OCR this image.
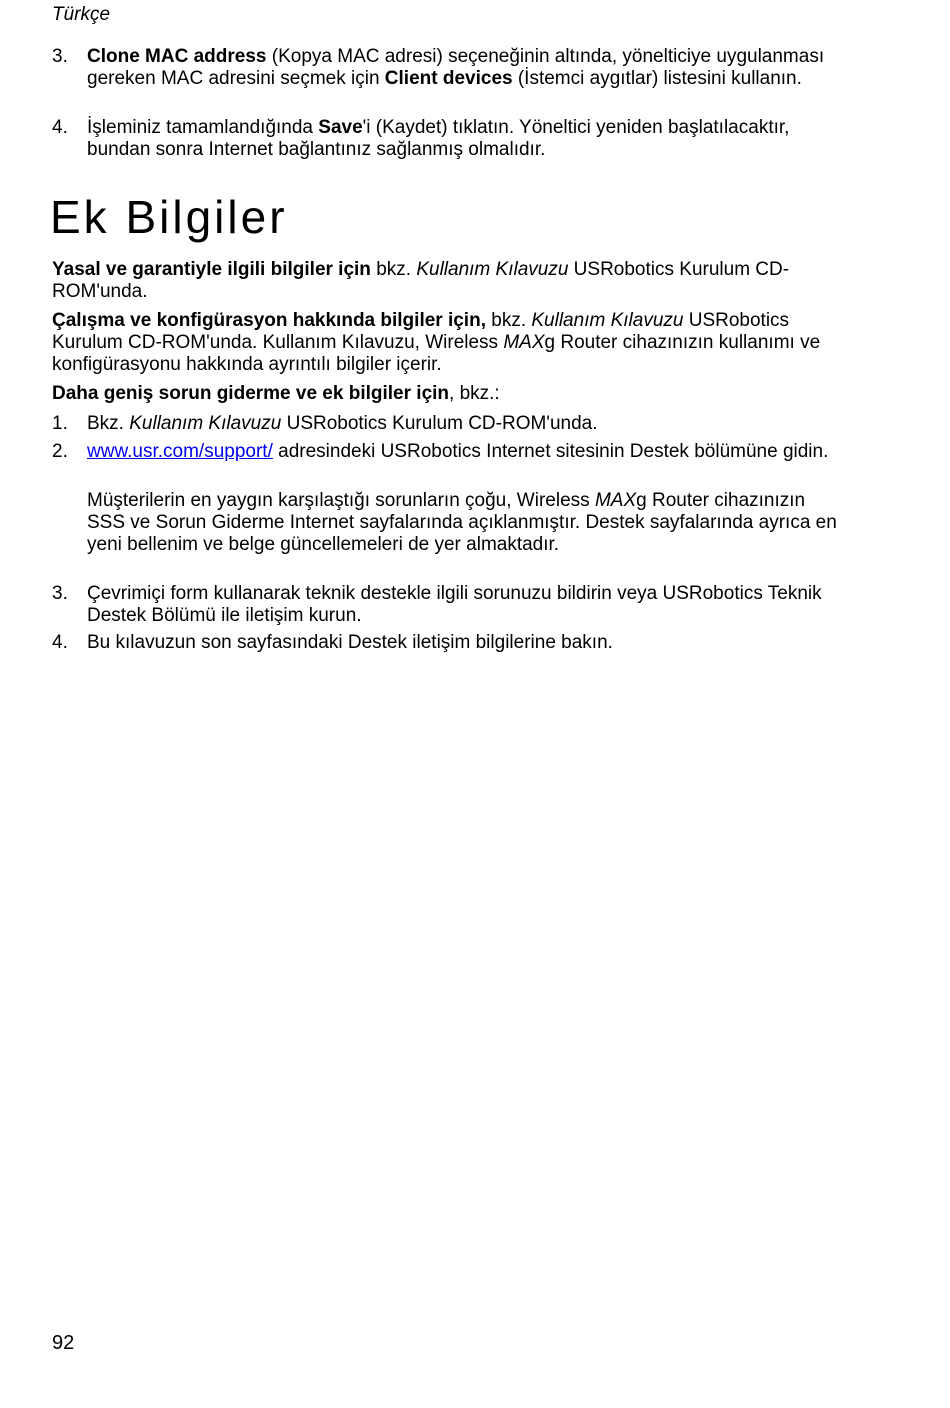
Türkçe
3. Clone MAC address (Kopya MAC adresi) seçeneğinin altında, yönelticiye uygulanması gereken MAC adresini seçmek için Client devices (İstemci aygıtlar) listesini kullanın.
4. İşleminiz tamamlandığında Save'i (Kaydet) tıklatın. Yöneltici yeniden başlatılacaktır, bundan sonra Internet bağlantınız sağlanmış olmalıdır.
Ek Bilgiler
Yasal ve garantiyle ilgili bilgiler için bkz. Kullanım Kılavuzu USRobotics Kurulum CD-ROM'unda.
Çalışma ve konfigürasyon hakkında bilgiler için, bkz. Kullanım Kılavuzu USRobotics Kurulum CD-ROM'unda. Kullanım Kılavuzu, Wireless MAXg Router cihazınızın kullanımı ve konfigürasyonu hakkında ayrıntılı bilgiler içerir.
Daha geniş sorun giderme ve ek bilgiler için, bkz.:
1. Bkz. Kullanım Kılavuzu USRobotics Kurulum CD-ROM'unda.
2. www.usr.com/support/ adresindeki USRobotics Internet sitesinin Destek bölümüne gidin.
Müşterilerin en yaygın karşılaştığı sorunların çoğu, Wireless MAXg Router cihazınızın SSS ve Sorun Giderme Internet sayfalarında açıklanmıştır. Destek sayfalarında ayrıca en yeni bellenim ve belge güncellemeleri de yer almaktadır.
3. Çevrimiçi form kullanarak teknik destekle ilgili sorunuzu bildirin veya USRobotics Teknik Destek Bölümü ile iletişim kurun.
4. Bu kılavuzun son sayfasındaki Destek iletişim bilgilerine bakın.
92
